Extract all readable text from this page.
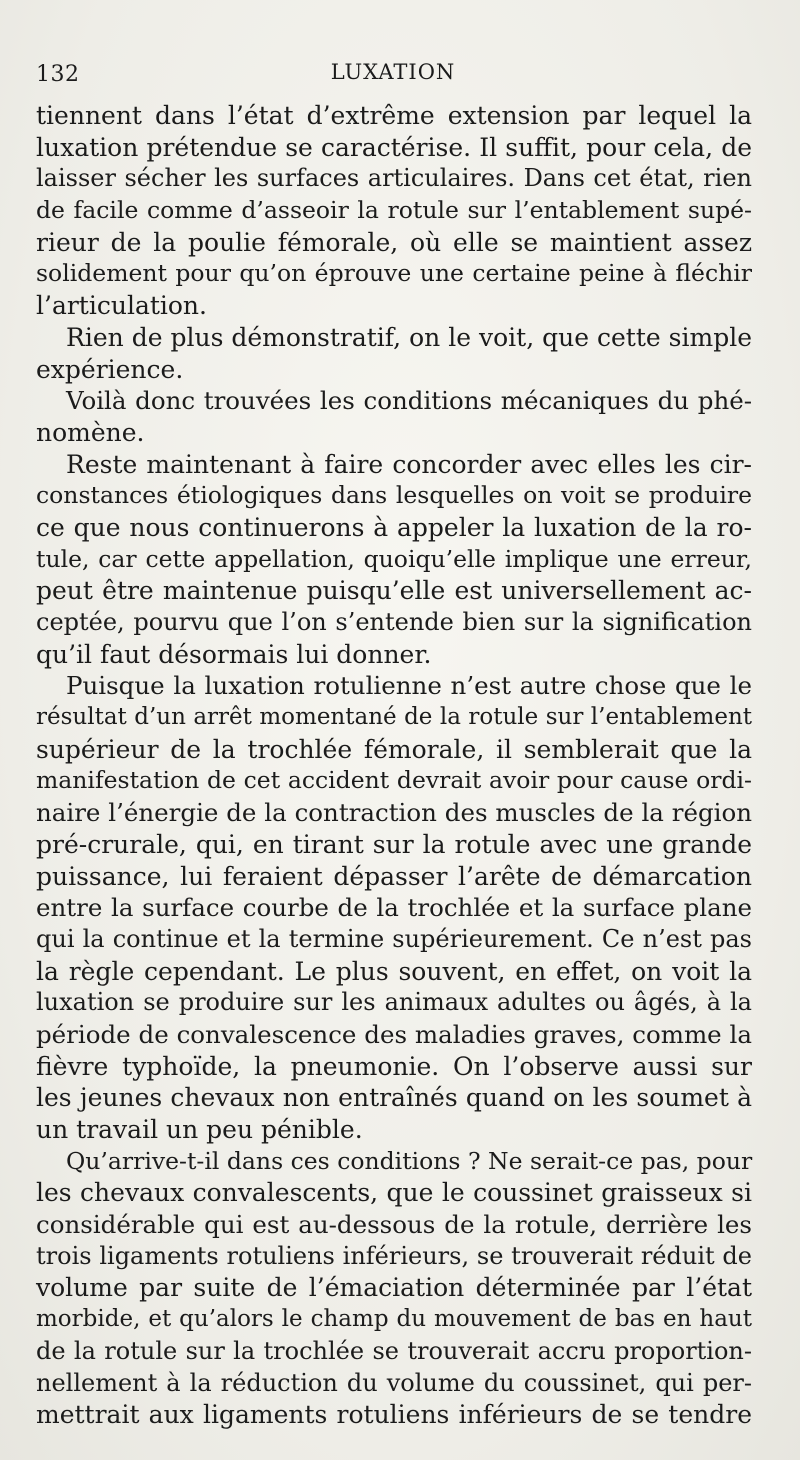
132	LUXATION
tiennent dans l’état d’extrême extension par lequel la
luxation prétendue se caractérise. Il suffit, pour cela, de
laisser sécher les surfaces articulaires. Dans cet état, rien
de facile comme d’asseoir la rotule sur l’entablement supé-
rieur de la poulie fémorale, où elle se maintient assez
solidement pour qu’on éprouve une certaine peine à fléchir
l’articulation.
Rien de plus démonstratif, on le voit, que cette simple
expérience.
Voilà donc trouvées les conditions mécaniques du phé-
nomène.
Reste maintenant à faire concorder avec elles les cir-
constances étiologiques dans lesquelles on voit se produire
ce que nous continuerons à appeler la luxation de la ro-
tule, car cette appellation, quoiqu’elle implique une erreur,
peut être maintenue puisqu’elle est universellement ac-
ceptée, pourvu que l’on s’entende bien sur la signification
qu’il faut désormais lui donner.
Puisque la luxation rotulienne n’est autre chose que le
résultat d’un arrêt momentané de la rotule sur l’entablement
supérieur de la trochlée fémorale, il semblerait que la
manifestation de cet accident devrait avoir pour cause ordi-
naire l’énergie de la contraction des muscles de la région
pré-crurale, qui, en tirant sur la rotule avec une grande
puissance, lui feraient dépasser l’arête de démarcation
entre la surface courbe de la trochlée et la surface plane
qui la continue et la termine supérieurement. Ce n’est pas
la règle cependant. Le plus souvent, en effet, on voit la
luxation se produire sur les animaux adultes ou âgés, à la
période de convalescence des maladies graves, comme la
fièvre typhoïde, la pneumonie. On l’observe aussi sur
les jeunes chevaux non entraînés quand on les soumet à
un travail un peu pénible.
Qu’arrive-t-il dans ces conditions ? Ne serait-ce pas, pour
les chevaux convalescents, que le coussinet graisseux si
considérable qui est au-dessous de la rotule, derrière les
trois ligaments rotuliens inférieurs, se trouverait réduit de
volume par suite de l’émaciation déterminée par l’état
morbide, et qu’alors le champ du mouvement de bas en haut
de la rotule sur la trochlée se trouverait accru proportion-
nellement à la réduction du volume du coussinet, qui per-
mettrait aux ligaments rotuliens inférieurs de se tendre
